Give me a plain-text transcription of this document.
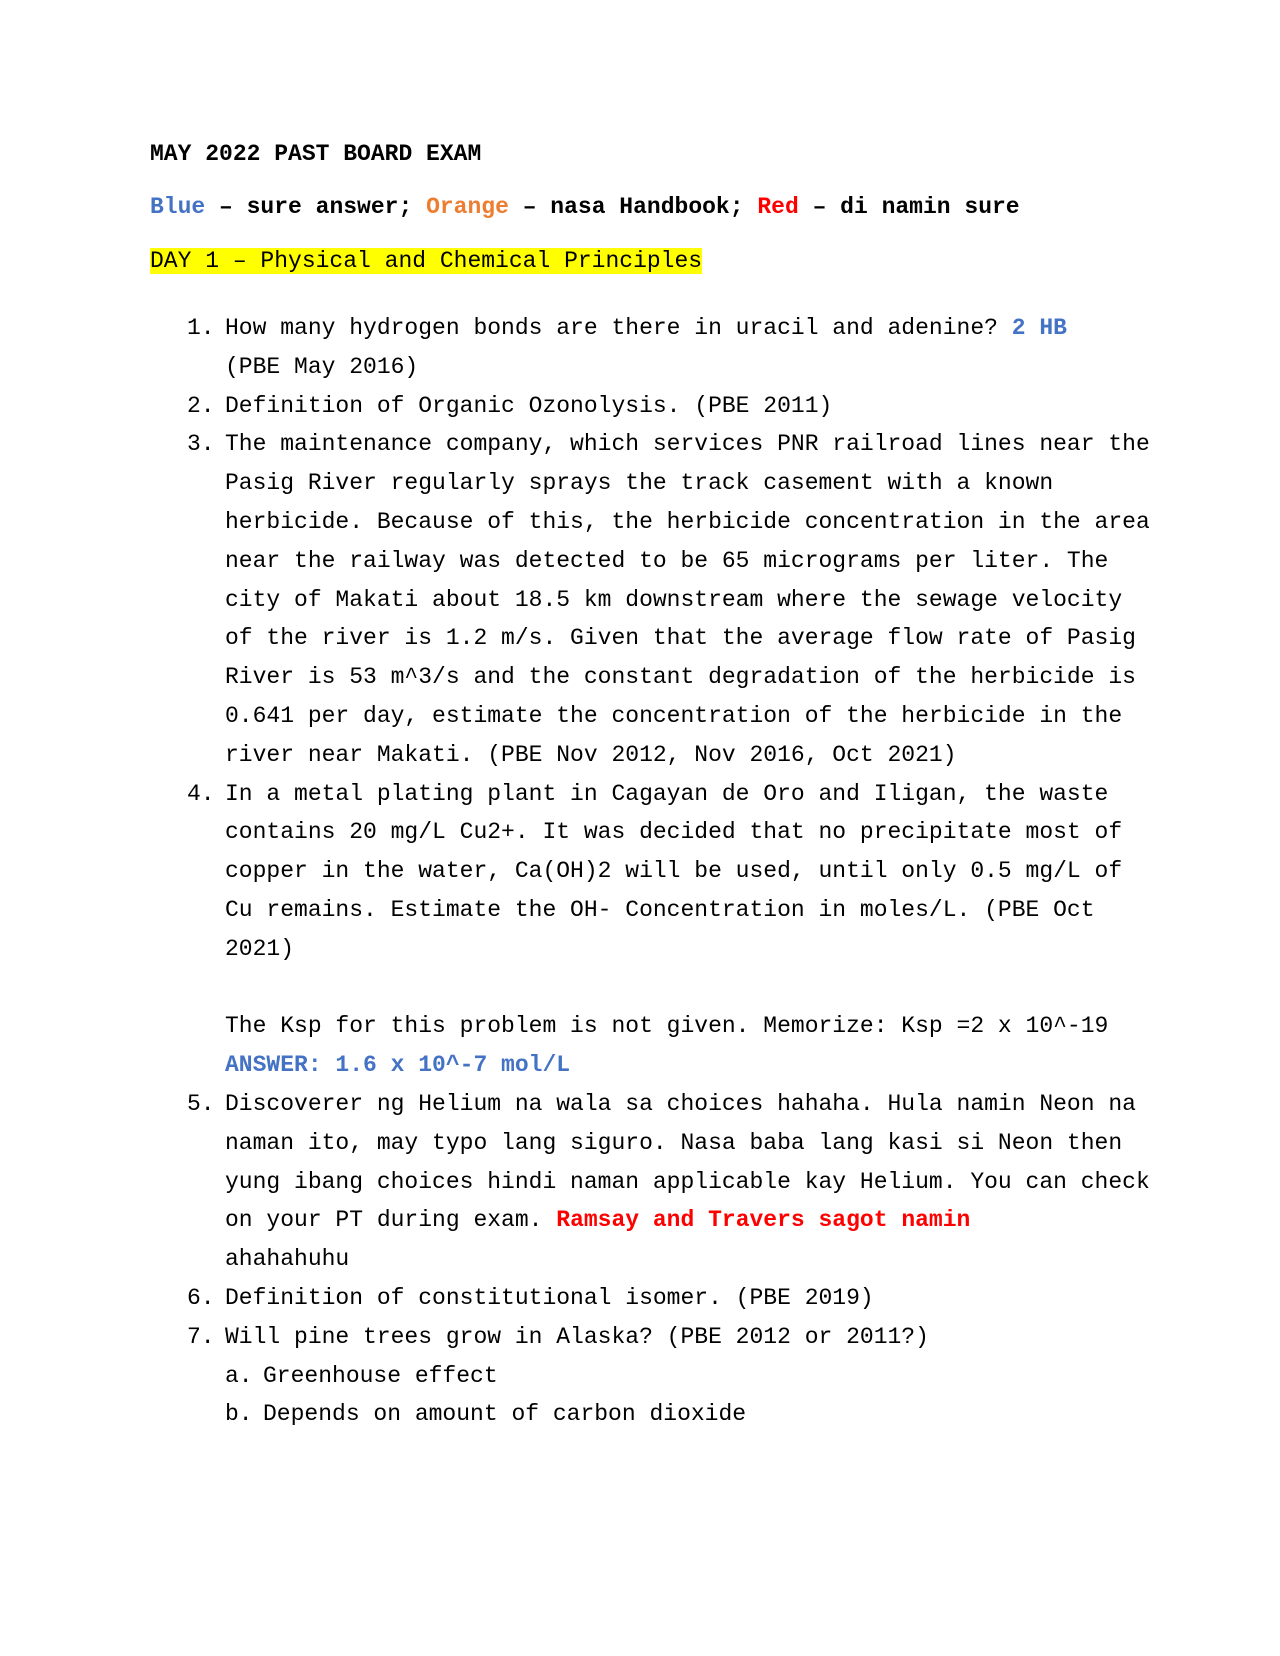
MAY 2022 PAST BOARD EXAM
Blue – sure answer; Orange – nasa Handbook; Red – di namin sure
DAY 1 – Physical and Chemical Principles
1. How many hydrogen bonds are there in uracil and adenine? 2 HB
(PBE May 2016)
2. Definition of Organic Ozonolysis. (PBE 2011)
3. The maintenance company, which services PNR railroad lines near the Pasig River regularly sprays the track casement with a known herbicide. Because of this, the herbicide concentration in the area near the railway was detected to be 65 micrograms per liter. The city of Makati about 18.5 km downstream where the sewage velocity of the river is 1.2 m/s. Given that the average flow rate of Pasig River is 53 m^3/s and the constant degradation of the herbicide is 0.641 per day, estimate the concentration of the herbicide in the river near Makati. (PBE Nov 2012, Nov 2016, Oct 2021)
4. In a metal plating plant in Cagayan de Oro and Iligan, the waste contains 20 mg/L Cu2+. It was decided that no precipitate most of copper in the water, Ca(OH)2 will be used, until only 0.5 mg/L of Cu remains. Estimate the OH- Concentration in moles/L. (PBE Oct 2021)
The Ksp for this problem is not given. Memorize: Ksp =2 x 10^-19
ANSWER: 1.6 x 10^-7 mol/L
5. Discoverer ng Helium na wala sa choices hahaha. Hula namin Neon na naman ito, may typo lang siguro. Nasa baba lang kasi si Neon then yung ibang choices hindi naman applicable kay Helium. You can check on your PT during exam. Ramsay and Travers sagot namin
ahahahuhu
6. Definition of constitutional isomer. (PBE 2019)
7. Will pine trees grow in Alaska? (PBE 2012 or 2011?)
a. Greenhouse effect
b. Depends on amount of carbon dioxide
